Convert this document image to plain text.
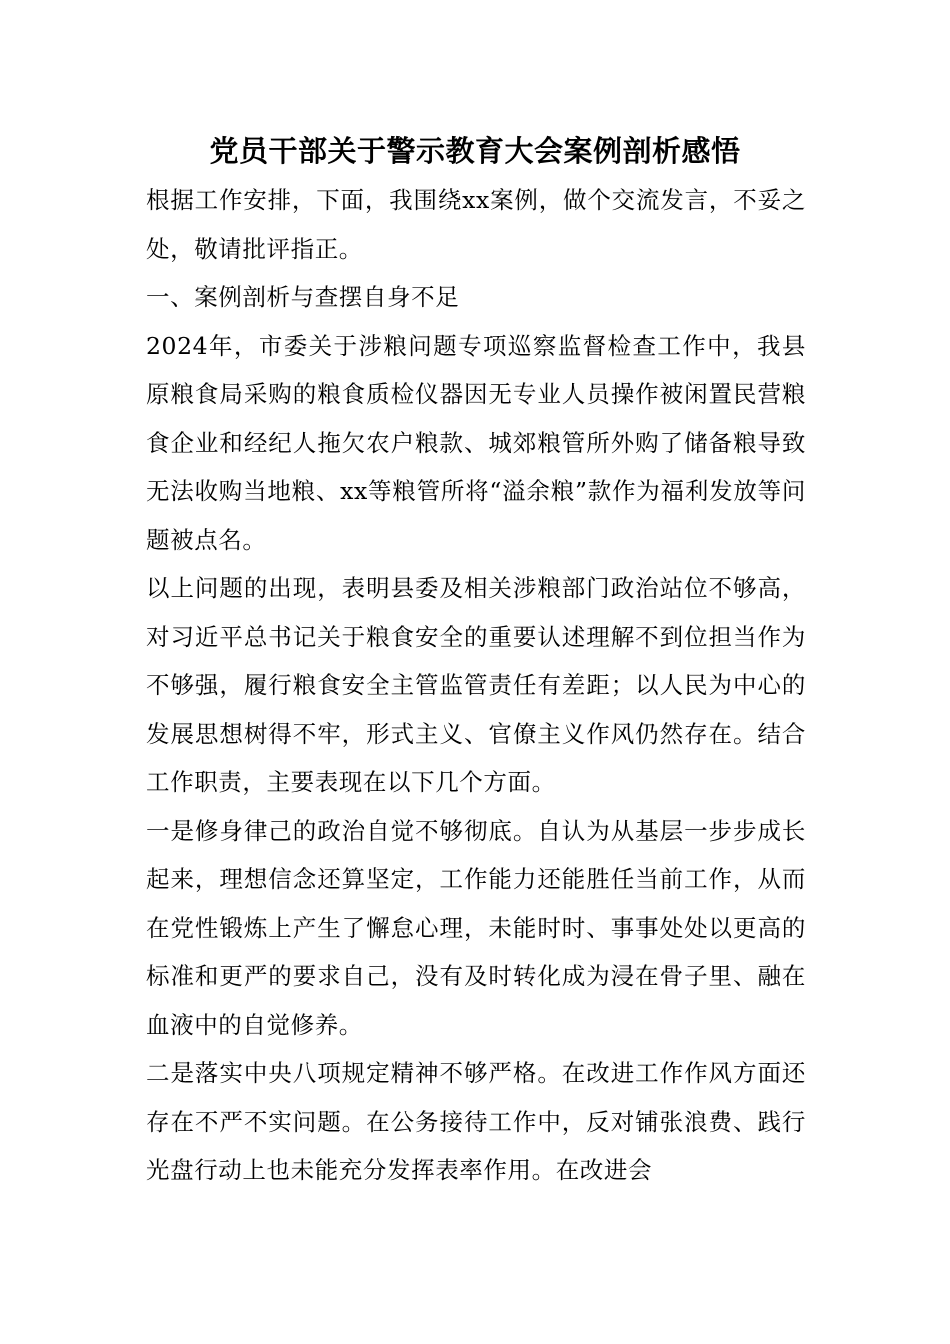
党员干部关于警示教育大会案例剖析感悟

根据工作安排，下面，我围绕xx案例，做个交流发言，不妥之处，敬请批评指正。

一、案例剖析与查摆自身不足

2024年，市委关于涉粮问题专项巡察监督检查工作中，我县原粮食局采购的粮食质检仪器因无专业人员操作被闲置民营粮食企业和经纪人拖欠农户粮款、城郊粮管所外购了储备粮导致无法收购当地粮、xx等粮管所将“溢余粮”款作为福利发放等问题被点名。

以上问题的出现，表明县委及相关涉粮部门政治站位不够高，对习近平总书记关于粮食安全的重要认述理解不到位担当作为不够强，履行粮食安全主管监管责任有差距；以人民为中心的发展思想树得不牢，形式主义、官僚主义作风仍然存在。结合工作职责，主要表现在以下几个方面。

一是修身律己的政治自觉不够彻底。自认为从基层一步步成长起来，理想信念还算坚定，工作能力还能胜任当前工作，从而在党性锻炼上产生了懈怠心理，未能时时、事事处处以更高的标准和更严的要求自己，没有及时转化成为浸在骨子里、融在血液中的自觉修养。

二是落实中央八项规定精神不够严格。在改进工作作风方面还存在不严不实问题。在公务接待工作中，反对铺张浪费、践行光盘行动上也未能充分发挥表率作用。在改进会
